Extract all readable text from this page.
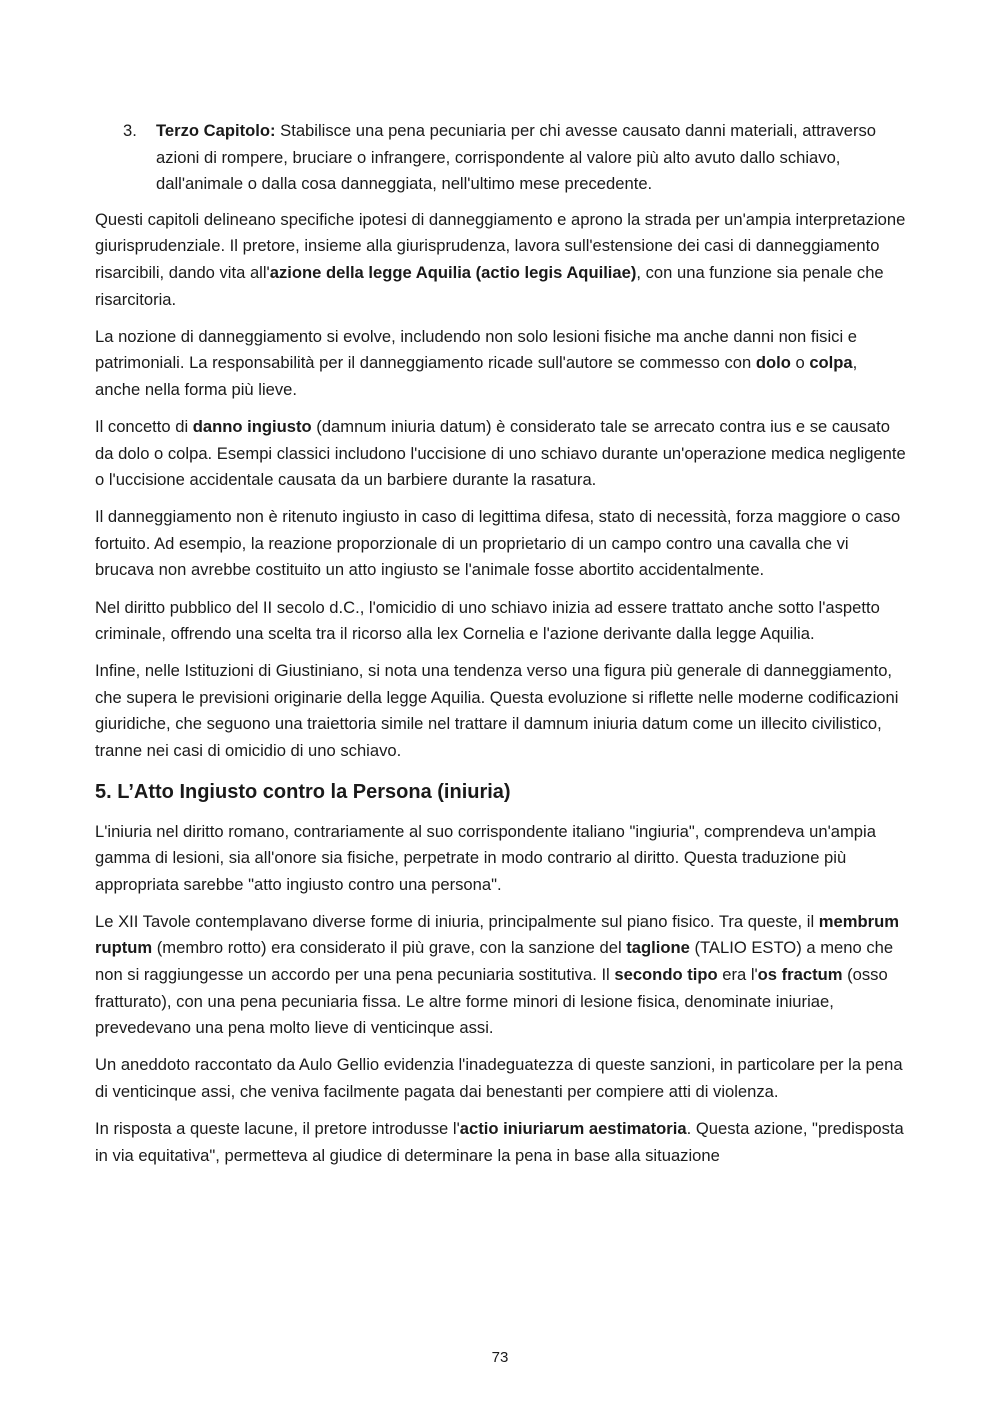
3. Terzo Capitolo: Stabilisce una pena pecuniaria per chi avesse causato danni materiali, attraverso azioni di rompere, bruciare o infrangere, corrispondente al valore più alto avuto dallo schiavo, dall'animale o dalla cosa danneggiata, nell'ultimo mese precedente.

Questi capitoli delineano specifiche ipotesi di danneggiamento e aprono la strada per un'ampia interpretazione giurisprudenziale. Il pretore, insieme alla giurisprudenza, lavora sull'estensione dei casi di danneggiamento risarcibili, dando vita all'azione della legge Aquilia (actio legis Aquiliae), con una funzione sia penale che risarcitoria.

La nozione di danneggiamento si evolve, includendo non solo lesioni fisiche ma anche danni non fisici e patrimoniali. La responsabilità per il danneggiamento ricade sull'autore se commesso con dolo o colpa, anche nella forma più lieve.

Il concetto di danno ingiusto (damnum iniuria datum) è considerato tale se arrecato contra ius e se causato da dolo o colpa. Esempi classici includono l'uccisione di uno schiavo durante un'operazione medica negligente o l'uccisione accidentale causata da un barbiere durante la rasatura.

Il danneggiamento non è ritenuto ingiusto in caso di legittima difesa, stato di necessità, forza maggiore o caso fortuito. Ad esempio, la reazione proporzionale di un proprietario di un campo contro una cavalla che vi brucava non avrebbe costituito un atto ingiusto se l'animale fosse abortito accidentalmente.

Nel diritto pubblico del II secolo d.C., l'omicidio di uno schiavo inizia ad essere trattato anche sotto l'aspetto criminale, offrendo una scelta tra il ricorso alla lex Cornelia e l'azione derivante dalla legge Aquilia.

Infine, nelle Istituzioni di Giustiniano, si nota una tendenza verso una figura più generale di danneggiamento, che supera le previsioni originarie della legge Aquilia. Questa evoluzione si riflette nelle moderne codificazioni giuridiche, che seguono una traiettoria simile nel trattare il damnum iniuria datum come un illecito civilistico, tranne nei casi di omicidio di uno schiavo.

5. L’Atto Ingiusto contro la Persona (iniuria)

L'iniuria nel diritto romano, contrariamente al suo corrispondente italiano "ingiuria", comprendeva un'ampia gamma di lesioni, sia all'onore sia fisiche, perpetrate in modo contrario al diritto. Questa traduzione più appropriata sarebbe "atto ingiusto contro una persona".

Le XII Tavole contemplavano diverse forme di iniuria, principalmente sul piano fisico. Tra queste, il membrum ruptum (membro rotto) era considerato il più grave, con la sanzione del taglione (TALIO ESTO) a meno che non si raggiungesse un accordo per una pena pecuniaria sostitutiva. Il secondo tipo era l'os fractum (osso fratturato), con una pena pecuniaria fissa. Le altre forme minori di lesione fisica, denominate iniuriae, prevedevano una pena molto lieve di venticinque assi.

Un aneddoto raccontato da Aulo Gellio evidenzia l'inadeguatezza di queste sanzioni, in particolare per la pena di venticinque assi, che veniva facilmente pagata dai benestanti per compiere atti di violenza.

In risposta a queste lacune, il pretore introdusse l'actio iniuriarum aestimatoria. Questa azione, "predisposta in via equitativa", permetteva al giudice di determinare la pena in base alla situazione

73
